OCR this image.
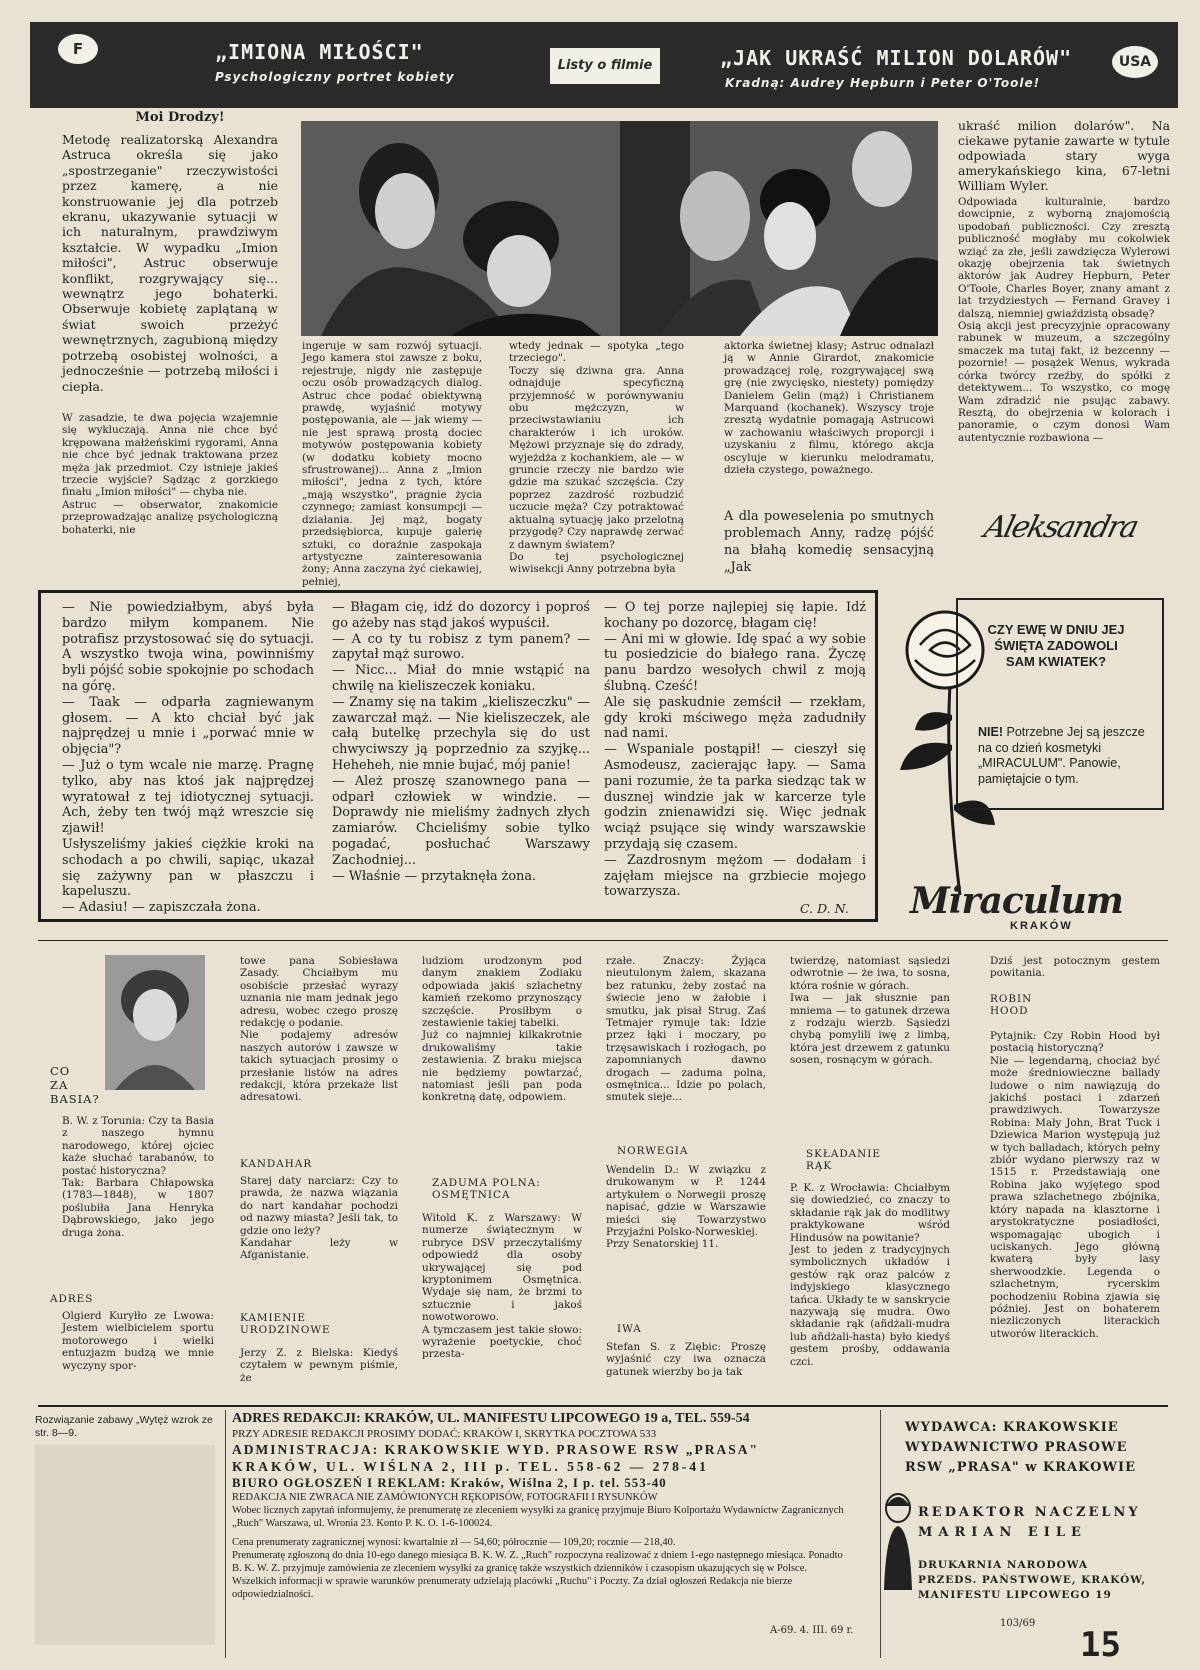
F	„IMIONA MIŁOŚCI"
Psychologiczny portret kobiety
Listy o filmie	„JAK UKRAŚĆ MILION DOLARÓW"
Kradną: Audrey Hepburn i Peter O'Toole!
USA
Moi Drodzy!
Metodę realizatorską Alexandra Astruca określa się jako „spostrzeganie" rzeczywistości przez kamerę, a nie konstruowanie jej dla potrzeb ekranu, ukazywanie sytuacji w ich naturalnym, prawdziwym kształcie. W wypadku „Imion miłości", Astruc obserwuje konflikt, rozgrywający się... wewnątrz jego bohaterki. Obserwuje kobietę zaplątaną w świat swoich przeżyć wewnętrznych, zagubioną między potrzebą osobistej wolności, a jednocześnie — potrzebą miłości i ciepła.
W zasadzie, te dwa pojęcia wzajemnie się wykluczają. Anna nie chce być krępowana małżeńskimi rygorami, Anna nie chce być jednak traktowana przez męża jak przedmiot. Czy istnieje jakieś trzecie wyjście? Sądząc z gorzkiego finału „Imion miłości" — chyba nie.
Astruc — obserwator, znakomicie przeprowadzając analizę psychologiczną bohaterki, nie
ingeruje w sam rozwój sytuacji. Jego kamera stoi zawsze z boku, rejestruje, nigdy nie zastępuje oczu osób prowadzących dialog. Astruc chce podać obiektywną prawdę, wyjaśnić motywy postępowania, ale — jak wiemy — nie jest sprawą prostą dociec motywów postępowania kobiety (w dodatku kobiety mocno sfrustrowanej)... Anna z „Imion miłości", jedna z tych, które „mają wszystko", pragnie życia czynnego; zamiast konsumpcji — działania. Jej mąż, bogaty przedsiębiorca, kupuje galerię sztuki, co doraźnie zaspokaja artystyczne zainteresowania żony; Anna zaczyna żyć ciekawiej, pełniej,
wtedy jednak — spotyka „tego trzeciego".
Toczy się dziwna gra. Anna odnajduje specyficzną przyjemność w porównywaniu obu mężczyzn, w przeciwstawianiu ich charakterów i ich uroków. Mężowi przyznaje się do zdrady, wyjeżdża z kochankiem, ale — w gruncie rzeczy nie bardzo wie gdzie ma szukać szczęścia. Czy poprzez zazdrość rozbudzić uczucie męża? Czy potraktować aktualną sytuację jako przelotną przygodę? Czy naprawdę zerwać z dawnym światem?
Do tej psychologicznej wiwisekcji Anny potrzebna była
aktorka świetnej klasy; Astruc odnalazł ją w Annie Girardot, znakomicie prowadzącej rolę, rozgrywającej swą grę (nie zwycięsko, niestety) pomiędzy Danielem Gelin (mąż) i Christianem Marquand (kochanek). Wszyscy troje zresztą wydatnie pomagają Astrucowi w zachowaniu właściwych proporcji i uzyskaniu z filmu, którego akcja oscyluje w kierunku melodramatu, dzieła czystego, poważnego.
A dla poweselenia po smutnych problemach Anny, radzę pójść na błahą komedię sensacyjną „Jak
ukraść milion dolarów". Na ciekawe pytanie zawarte w tytule odpowiada stary wyga amerykańskiego kina, 67-letni William Wyler.
Odpowiada kulturalnie, bardzo dowcipnie, z wyborną znajomością upodobań publiczności. Czy zresztą publiczność mogłaby mu cokolwiek wziąć za złe, jeśli zawdzięcza Wylerowi okazję obejrzenia tak świetnych aktorów jak Audrey Hepburn, Peter O'Toole, Charles Boyer, znany amant z lat trzydziestych — Fernand Gravey i dalszą, niemniej gwiaździstą obsadę?
Osią akcji jest precyzyjnie opracowany rabunek w muzeum, a szczególny smaczek ma tutaj fakt, iż bezcenny — pozornie! — posążek Wenus, wykrada córka twórcy rzeźby, do spółki z detektywem... To wszystko, co mogę Wam zdradzić nie psując zabawy. Resztą, do obejrzenia w kolorach i panoramie, o czym donosi Wam autentycznie rozbawiona —
Aleksandra
— Nie powiedziałbym, abyś była bardzo miłym kompanem. Nie potrafisz przystosować się do sytuacji. A wszystko twoja wina, powinniśmy byli pójść sobie spokojnie po schodach na górę.
— Taak — odparła zagniewanym głosem. — A kto chciał być jak najprędzej u mnie i „porwać mnie w objęcia"?
— Już o tym wcale nie marzę. Pragnę tylko, aby nas ktoś jak najprędzej wyratował z tej idiotycznej sytuacji. Ach, żeby ten twój mąż wreszcie się zjawił!
Usłyszeliśmy jakieś ciężkie kroki na schodach a po chwili, sapiąc, ukazał się zażywny pan w płaszczu i kapeluszu.
— Adasiu! — zapiszczała żona.
— Błagam cię, idź do dozorcy i poproś go ażeby nas stąd jakoś wypuścił.
— A co ty tu robisz z tym panem? — zapytał mąż surowo.
— Nicc... Miał do mnie wstąpić na chwilę na kieliszeczek koniaku.
— Znamy się na takim „kieliszeczku" — zawarczał mąż. — Nie kieliszeczek, ale całą butelkę przechyla się do ust chwyciwszy ją poprzednio za szyjkę... Heheheh, nie mnie bujać, mój panie!
— Ależ proszę szanownego pana — odparł człowiek w windzie. — Doprawdy nie mieliśmy żadnych złych zamiarów. Chcieliśmy sobie tylko pogadać, posłuchać Warszawy Zachodniej...
— Właśnie — przytaknęła żona.
— O tej porze najlepiej się łapie. Idź kochany po dozorcę, błagam cię!
— Ani mi w głowie. Idę spać a wy sobie tu posiedzicie do białego rana. Życzę panu bardzo wesołych chwil z moją ślubną. Cześć!
Ale się paskudnie zemścił — rzekłam, gdy kroki mściwego męża zadudniły nad nami.
— Wspaniale postąpił! — cieszył się Asmodeusz, zacierając łapy. — Sama pani rozumie, że ta parka siedząc tak w dusznej windzie jak w karcerze tyle godzin znienawidzi się. Więc jednak wciąż psujące się windy warszawskie przydają się czasem.
— Zazdrosnym mężom — dodałam i zajęłam miejsce na grzbiecie mojego towarzysza.
C. D. N.
CZY EWĘ W DNIU JEJ ŚWIĘTA ZADOWOLI SAM KWIATEK?
NIE! Potrzebne Jej są jeszcze na co dzień kosmetyki „MIRACULUM". Panowie, pamiętajcie o tym.
Miraculum
KRAKÓW
CO
ZA
BASIA?
B. W. z Torunia: Czy ta Basia z naszego hymnu narodowego, której ojciec każe słuchać tarabanów, to postać historyczna?
Tak: Barbara Chłapowska (1783—1848), w 1807 poślubiła Jana Henryka Dąbrowskiego, jako jego druga żona.
ADRES
Olgierd Kuryłło ze Lwowa: Jestem wielbicielem sportu motorowego i wielki entuzjazm budzą we mnie wyczyny spor-
towe pana Sobiesława Zasady. Chciałbym mu osobiście przesłać wyrazy uznania nie mam jednak jego adresu, wobec czego proszę redakcję o podanie.
Nie podajemy adresów naszych autorów i zawsze w takich sytuacjach prosimy o przesłanie listów na adres redakcji, która przekaże list adresatowi.
KANDAHAR
Starej daty narciarz: Czy to prawda, że nazwa wiązania do nart kandahar pochodzi od nazwy miasta? Jeśli tak, to gdzie ono leży?
Kandahar leży w Afganistanie.
KAMIENIE
URODZINOWE
Jerzy Z. z Bielska: Kiedyś czytałem w pewnym piśmie, że
ludziom urodzonym pod danym znakiem Zodiaku odpowiada jakiś szlachetny kamień rzekomo przynoszący szczęście. Prosiłbym o zestawienie takiej tabelki.
Już co najmniej kilkakrotnie drukowaliśmy takie zestawienia. Z braku miejsca nie będziemy powtarzać, natomiast jeśli pan poda konkretną datę, odpowiem.
ZADUMA POLNA:
OSMĘTNICA
Witold K. z Warszawy: W numerze świątecznym w rubryce DSV przeczytaliśmy odpowiedź dla osoby ukrywającej się pod kryptonimem Osmętnica. Wydaje się nam, że brzmi to sztucznie i jakoś nowotworowo.
A tymczasem jest takie słowo: wyrażenie poetyckie, choć przesta-
rzałe. Znaczy: Żyjąca nieutulonym żalem, skazana bez ratunku, żeby zostać na świecie jeno w żałobie i smutku, jak pisał Strug. Zaś Tetmajer rymuje tak: Idzie przez łąki i moczary, po trzęsawiskach i rozłogach, po zapomnianych dawno drogach — zaduma polna, osmętnica... Idzie po polach, smutek sieje...
NORWEGIA
Wendelin D.: W związku z drukowanym w P. 1244 artykułem o Norwegii proszę napisać, gdzie w Warszawie mieści się Towarzystwo Przyjaźni Polsko-Norweskiej.
Przy Senatorskiej 11.
IWA
Stefan S. z Ziębic: Proszę wyjaśnić czy iwa oznacza gatunek wierzby bo ja tak
twierdzę, natomiast sąsiedzi odwrotnie — że iwa, to sosna, która rośnie w górach.
Iwa — jak słusznie pan mniema — to gatunek drzewa z rodzaju wierzb. Sąsiedzi chybą pomylili iwę z limbą, która jest drzewem z gatunku sosen, rosnącym w górach.
SKŁADANIE
RĄK
P. K. z Wrocławia: Chciałbym się dowiedzieć, co znaczy to składanie rąk jak do modlitwy praktykowane wśród Hindusów na powitanie?
Jest to jeden z tradycyjnych symbolicznych układów i gestów rąk oraz palców z indyjskiego klasycznego tańca. Układy te w sanskrycie nazywają się mudra. Owo składanie rąk (añdżali-mudra lub añdżali-hasta) było kiedyś gestem prośby, oddawania czci.
Dziś jest potocznym gestem powitania.
ROBIN
HOOD
Pytajnik: Czy Robin Hood był postacią historyczną?
Nie — legendarną, chociaż być może średniowieczne ballady ludowe o nim nawiązują do jakichś postaci i zdarzeń prawdziwych. Towarzysze Robina: Mały John, Brat Tuck i Dziewica Marion występują już w tych balladach, których pełny zbiór wydano pierwszy raz w 1515 r. Przedstawiają one Robina jako wyjętego spod prawa szlachetnego zbójnika, który napada na klasztorne i arystokratyczne posiadłości, wspomagając ubogich i uciskanych. Jego główną kwaterą były lasy sherwoodzkie. Legenda o szlachetnym, rycerskim pochodzeniu Robina zjawia się później. Jest on bohaterem niezliczonych literackich utworów literackich.
Rozwiązanie zabawy „Wytęż wzrok ze str. 8—9.
ADRES REDAKCJI: KRAKÓW, UL. MANIFESTU LIPCOWEGO 19 a, TEL. 559-54
PRZY ADRESIE REDAKCJI PROSIMY DODAĆ: KRAKÓW I, SKRYTKA POCZTOWA 533
ADMINISTRACJA: KRAKOWSKIE WYD. PRASOWE RSW „PRASA"
KRAKÓW, UL. WIŚLNA 2, III p. TEL. 558-62 — 278-41
BIURO OGŁOSZEŃ I REKLAM: Kraków, Wiślna 2, I p. tel. 553-40
REDAKCJA NIE ZWRACA NIE ZAMÓWIONYCH RĘKOPISÓW, FOTOGRAFII I RYSUNKÓW
Wobec licznych zapytań informujemy, że prenumeratę ze zleceniem wysyłki za granicę przyjmuje Biuro Kolportażu Wydawnictw Zagranicznych „Ruch" Warszawa, ul. Wronia 23. Konto P. K. O. 1-6-100024.
Cena prenumeraty zagranicznej wynosi: kwartalnie zł — 54,60; półrocznie — 109,20; rocznie — 218,40.
Prenumeratę zgłoszoną do dnia 10-ego danego miesiąca B. K. W. Z. „Ruch" rozpoczyna realizować z dniem 1-ego następnego miesiąca. Ponadto B. K. W. Z. przyjmuje zamówienia ze zleceniem wysyłki za granicę także wszystkich dzienników i czasopism ukazujących się w Polsce. Wszelkich informacji w sprawie warunków prenumeraty udzielają placówki „Ruchu" i Poczty. Za dział ogłoszeń Redakcja nie bierze odpowiedzialności.
A-69. 4. III. 69 r.
WYDAWCA: KRAKOWSKIE WYDAWNICTWO PRASOWE RSW „PRASA" w KRAKOWIE
REDAKTOR NACZELNY
MARIAN EILE
DRUKARNIA NARODOWA PRZEDS. PAŃSTWOWE, KRAKÓW, MANIFESTU LIPCOWEGO 19
103/69
15
